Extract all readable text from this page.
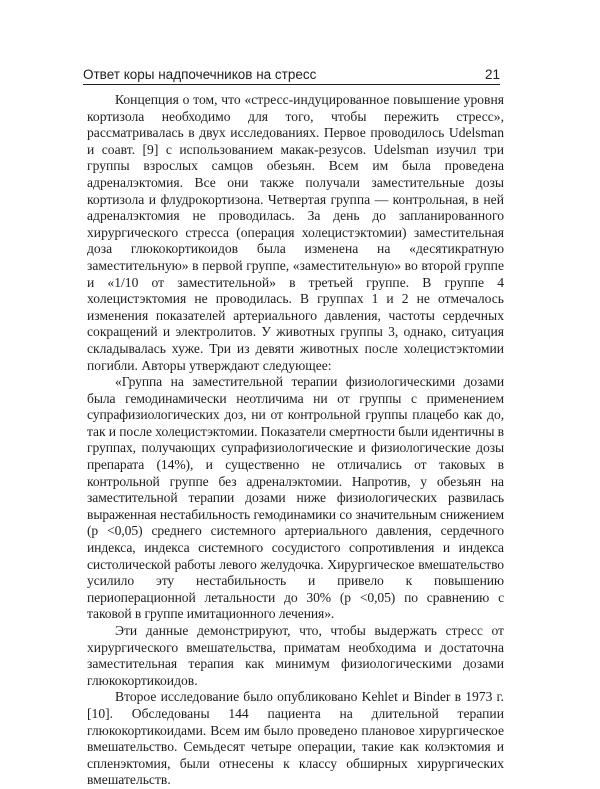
Ответ коры надпочечников на стресс	21

Концепция о том, что «стресс-индуцированное повышение уровня кортизола необходимо для того, чтобы пережить стресс», рассматривалась в двух исследованиях. Первое проводилось Udelsman и соавт. [9] с использованием макак-резусов. Udelsman изучил три группы взрослых самцов обезьян. Всем им была проведена адреналэктомия. Все они также получали заместительные дозы кортизола и флудрокортизона. Четвертая группа — контрольная, в ней адреналэктомия не проводилась. За день до запланированного хирургического стресса (операция холецистэктомии) заместительная доза глюкокортикоидов была изменена на «десятикратную заместительную» в первой группе, «заместительную» во второй группе и «1/10 от заместительной» в третьей группе. В группе 4 холецистэктомия не проводилась. В группах 1 и 2 не отмечалось изменения показателей артериального давления, частоты сердечных сокращений и электролитов. У животных группы 3, однако, ситуация складывалась хуже. Три из девяти животных после холецистэктомии погибли. Авторы утверждают следующее:

«Группа на заместительной терапии физиологическими дозами была гемодинамически неотличима ни от группы с применением супрафизиологических доз, ни от контрольной группы плацебо как до, так и после холецистэктомии. Показатели смертности были идентичны в группах, получающих супрафизиологические и физиологические дозы препарата (14%), и существенно не отличались от таковых в контрольной группе без адреналэктомии. Напротив, у обезьян на заместительной терапии дозами ниже физиологических развилась выраженная нестабильность гемодинамики со значительным снижением (p <0,05) среднего системного артериального давления, сердечного индекса, индекса системного сосудистого сопротивления и индекса систолической работы левого желудочка. Хирургическое вмешательство усилило эту нестабильность и привело к повышению периоперационной летальности до 30% (p <0,05) по сравнению с таковой в группе имитационного лечения».

Эти данные демонстрируют, что, чтобы выдержать стресс от хирургического вмешательства, приматам необходима и достаточна заместительная терапия как минимум физиологическими дозами глюкокортикоидов.

Второе исследование было опубликовано Kehlet и Binder в 1973 г. [10]. Обследованы 144 пациента на длительной терапии глюкокортикоидами. Всем им было проведено плановое хирургическое вмешательство. Семьдесят четыре операции, такие как колэктомия и спленэктомия, были отнесены к классу обширных хирургических вмешательств.
